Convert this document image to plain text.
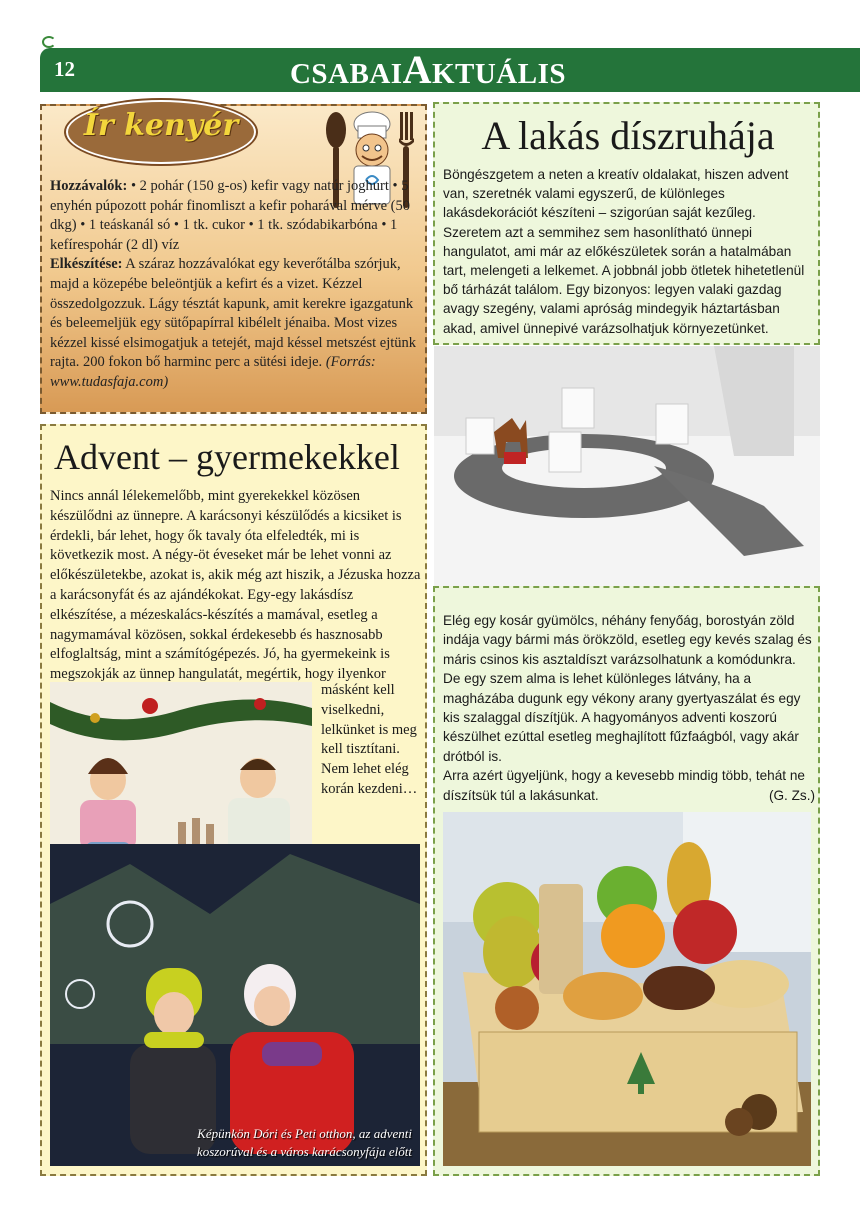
12	CSABAIAKTUÁLIS
Ír kenyér
Hozzávalók: • 2 pohár (150 g-os) kefir vagy natúr joghurt • 5 enyhén púpozott pohár finomliszt a kefir poharával mérve (50 dkg) • 1 teáskanál só • 1 tk. cukor • 1 tk. szódabikarbóna • 1 kefírespohár (2 dl) víz
Elkészítése: A száraz hozzávalókat egy keverőtálba szórjuk, majd a közepébe beleöntjük a kefirt és a vizet. Kézzel összedolgozzuk. Lágy tésztát kapunk, amit kerekre igazgatunk és beleemeljük egy sütőpapírral kibélelt jénaiba. Most vizes kézzel kissé elsimogatjuk a tetejét, majd késsel metszést ejtünk rajta. 200 fokon bő harminc perc a sütési ideje. (Forrás: www.tudasfaja.com)
Advent – gyermekekkel
Nincs annál lélekemelőbb, mint gyerekekkel közösen készülődni az ünnepre. A karácsonyi készülődés a kicsiket is érdekli, bár lehet, hogy ők tavaly óta elfeledték, mi is következik most. A négy-öt éveseket már be lehet vonni az előkészületekbe, azokat is, akik még azt hiszik, a Jézuska hozza a karácsonyfát és az ajándékokat. Egy-egy lakásdísz elkészítése, a mézeskalács-készítés a mamával, esetleg a nagymamával közösen, sokkal érdekesebb és hasznosabb elfoglaltság, mint a számítógépezés. Jó, ha gyermekeink is megszokják az ünnep hangulatát, megértik, hogy ilyenkor
másként kell viselkedni, lelkünket is meg kell tisztítani. Nem lehet elég korán kezdeni…
Képünkön Dóri és Peti otthon, az adventi koszorúval és a város karácsonyfája előtt
A lakás díszruhája
Böngészgetem a neten a kreatív oldalakat, hiszen advent van, szeretnék valami egyszerű, de különleges lakásdekorációt készíteni – szigorúan saját kezűleg. Szeretem azt a semmihez sem hasonlítható ünnepi hangulatot, ami már az előkészületek során a hatalmában tart, melengeti a lelkemet. A jobbnál jobb ötletek hihetetlenül bő tárházát találom. Egy bizonyos: legyen valaki gazdag avagy szegény, valami apróság mindegyik háztartásban akad, amivel ünnepivé varázsolhatjuk környezetünket.
Elég egy kosár gyümölcs, néhány fenyőág, borostyán zöld indája vagy bármi más örökzöld, esetleg egy kevés szalag és máris csinos kis asztaldíszt varázsolhatunk a komódunkra. De egy szem alma is lehet különleges látvány, ha a magházába dugunk egy vékony arany gyertyaszálat és egy kis szalaggal díszítjük. A hagyományos adventi koszorú készülhet ezúttal esetleg meghajlított fűzfaágból, vagy akár drótból is.
Arra azért ügyeljünk, hogy a kevesebb mindig több, tehát ne díszítsük túl a lakásunkat.	(G. Zs.)
